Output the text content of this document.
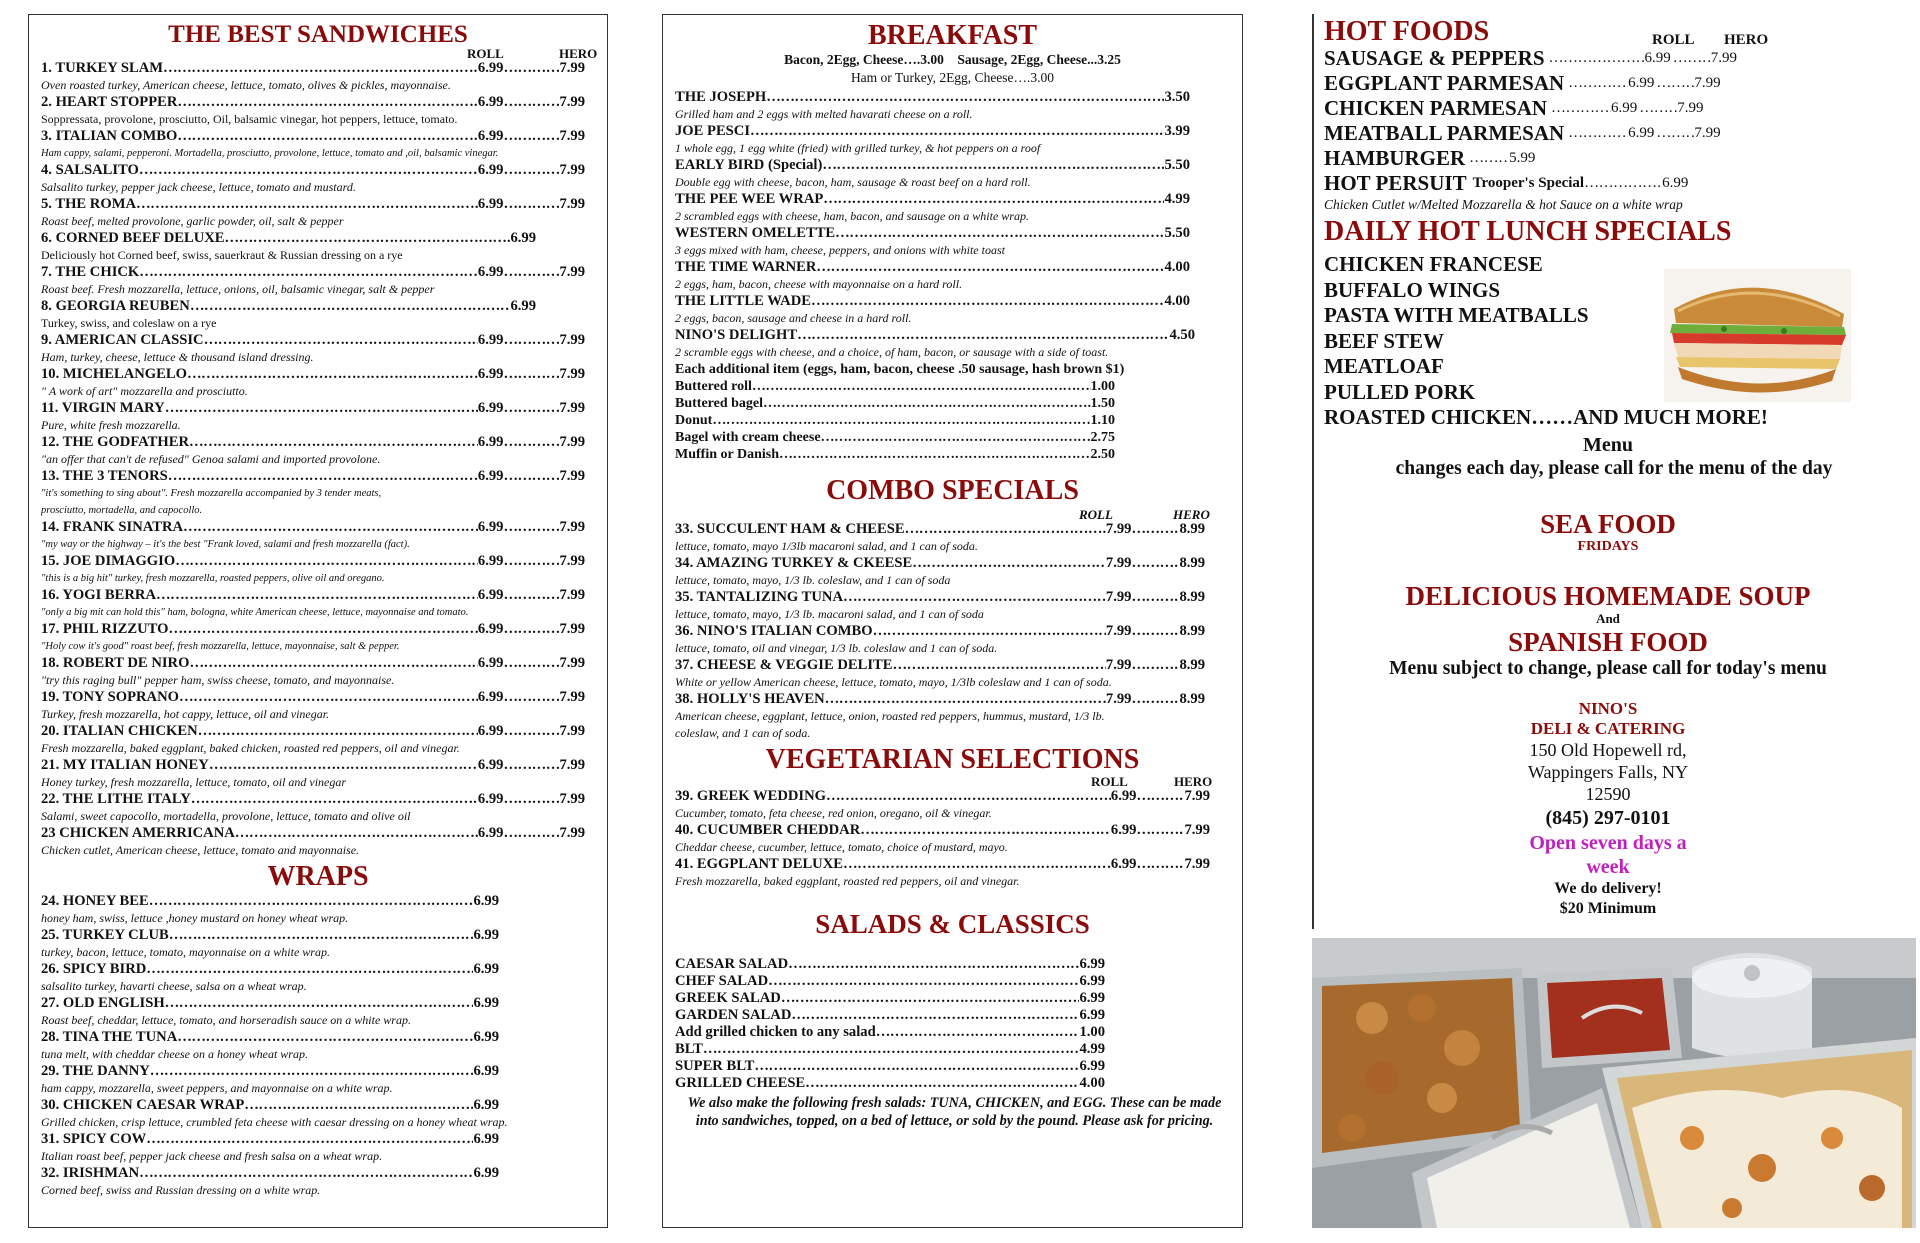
THE BEST SANDWICHES
ROLL	HERO
1. TURKEY SLAM …………………………………………………………………………………………………………………………………………………………………………………………………	6.99 …………………………………………	7.99
Oven roasted turkey, American cheese, lettuce, tomato, olives & pickles, mayonnaise.
2. HEART STOPPER …………………………………………………………………………………………………………………………………………………………………………………………………	6.99 …………………………………………	7.99
Soppressata, provolone, prosciutto, Oil, balsamic vinegar, hot peppers, lettuce, tomato.
3. ITALIAN COMBO …………………………………………………………………………………………………………………………………………………………………………………………………	6.99 …………………………………………	7.99
Ham cappy, salami, pepperoni. Mortadella, prosciutto, provolone, lettuce, tomato and ,oil, balsamic vinegar.
4. SALSALITO …………………………………………………………………………………………………………………………………………………………………………………………………	6.99 …………………………………………	7.99
Salsalito turkey, pepper jack cheese, lettuce, tomato and mustard.
5. THE ROMA …………………………………………………………………………………………………………………………………………………………………………………………………	6.99 …………………………………………	7.99
Roast beef, melted provolone, garlic powder, oil, salt & pepper
6. CORNED BEEF DELUXE …………………………………………………………………………………………………………………………………………………………………………………………………	6.99
Deliciously hot Corned beef, swiss, sauerkraut & Russian dressing on a rye
7. THE CHICK …………………………………………………………………………………………………………………………………………………………………………………………………	6.99 …………………………………………	7.99
Roast beef. Fresh mozzarella, lettuce, onions, oil, balsamic vinegar, salt & pepper
8. GEORGIA REUBEN …………………………………………………………………………………………………………………………………………………………………………………………………	6.99
Turkey, swiss, and coleslaw on a rye
9. AMERICAN CLASSIC …………………………………………………………………………………………………………………………………………………………………………………………………	6.99 …………………………………………	7.99
Ham, turkey, cheese, lettuce & thousand island dressing.
10. MICHELANGELO …………………………………………………………………………………………………………………………………………………………………………………………………	6.99 …………………………………………	7.99
" A work of art" mozzarella and prosciutto.
11. VIRGIN MARY …………………………………………………………………………………………………………………………………………………………………………………………………	6.99 …………………………………………	7.99
Pure, white fresh mozzarella.
12. THE GODFATHER …………………………………………………………………………………………………………………………………………………………………………………………………	6.99 …………………………………………	7.99
"an offer that can't de refused" Genoa salami and imported provolone.
13. THE 3 TENORS …………………………………………………………………………………………………………………………………………………………………………………………………	6.99 …………………………………………	7.99
"it's something to sing about". Fresh mozzarella accompanied by 3 tender meats,
prosciutto, mortadella, and capocollo.
14. FRANK SINATRA …………………………………………………………………………………………………………………………………………………………………………………………………	6.99 …………………………………………	7.99
"my way or the highway – it's the best "Frank loved, salami and fresh mozzarella (fact).
15. JOE DIMAGGIO …………………………………………………………………………………………………………………………………………………………………………………………………	6.99 …………………………………………	7.99
"this is a big hit" turkey, fresh mozzarella, roasted peppers, olive oil and oregano.
16. YOGI BERRA …………………………………………………………………………………………………………………………………………………………………………………………………	6.99 …………………………………………	7.99
"only a big mit can hold this" ham, bologna, white American cheese, lettuce, mayonnaise and tomato.
17. PHIL RIZZUTO …………………………………………………………………………………………………………………………………………………………………………………………………	6.99 …………………………………………	7.99
"Holy cow it's good" roast beef, fresh mozzarella, lettuce, mayonnaise, salt & pepper.
18. ROBERT DE NIRO …………………………………………………………………………………………………………………………………………………………………………………………………	6.99 …………………………………………	7.99
"try this raging bull" pepper ham, swiss cheese, tomato, and mayonnaise.
19. TONY SOPRANO …………………………………………………………………………………………………………………………………………………………………………………………………	6.99 …………………………………………	7.99
Turkey, fresh mozzarella, hot cappy, lettuce, oil and vinegar.
20. ITALIAN CHICKEN …………………………………………………………………………………………………………………………………………………………………………………………………	6.99 …………………………………………	7.99
Fresh mozzarella, baked eggplant, baked chicken, roasted red peppers, oil and vinegar.
21. MY ITALIAN HONEY …………………………………………………………………………………………………………………………………………………………………………………………………	6.99 …………………………………………	7.99
Honey turkey, fresh mozzarella, lettuce, tomato, oil and vinegar
22. THE LITHE ITALY …………………………………………………………………………………………………………………………………………………………………………………………………	6.99 …………………………………………	7.99
Salami, sweet capocollo, mortadella, provolone, lettuce, tomato and olive oil
23 CHICKEN AMERRICANA …………………………………………………………………………………………………………………………………………………………………………………………………	6.99 …………………………………………	7.99
Chicken cutlet, American cheese, lettuce, tomato and mayonnaise.
WRAPS
24. HONEY BEE …………………………………………………………………………………………………………………………………………………………………………………………………	6.99
honey ham, swiss, lettuce ,honey mustard on honey wheat wrap.
25. TURKEY CLUB …………………………………………………………………………………………………………………………………………………………………………………………………	6.99
turkey, bacon, lettuce, tomato, mayonnaise on a white wrap.
26. SPICY BIRD …………………………………………………………………………………………………………………………………………………………………………………………………	6.99
salsalito turkey, havarti cheese, salsa on a wheat wrap.
27. OLD ENGLISH …………………………………………………………………………………………………………………………………………………………………………………………………	6.99
Roast beef, cheddar, lettuce, tomato, and horseradish sauce on a white wrap.
28. TINA THE TUNA …………………………………………………………………………………………………………………………………………………………………………………………………	6.99
tuna melt, with cheddar cheese on a honey wheat wrap.
29. THE DANNY …………………………………………………………………………………………………………………………………………………………………………………………………	6.99
ham cappy, mozzarella, sweet peppers, and mayonnaise on a white wrap.
30. CHICKEN CAESAR WRAP …………………………………………………………………………………………………………………………………………………………………………………………………	6.99
Grilled chicken, crisp lettuce, crumbled feta cheese with caesar dressing on a honey wheat wrap.
31. SPICY COW …………………………………………………………………………………………………………………………………………………………………………………………………	6.99
Italian roast beef, pepper jack cheese and fresh salsa on a wheat wrap.
32. IRISHMAN …………………………………………………………………………………………………………………………………………………………………………………………………	6.99
Corned beef, swiss and Russian dressing on a white wrap.
BREAKFAST
Bacon, 2Egg, Cheese….3.00 Sausage, 2Egg, Cheese...3.25
Ham or Turkey, 2Egg, Cheese….3.00
THE JOSEPH …………………………………………………………………………………………………………………………………………………………………………………………………	3.50
Grilled ham and 2 eggs with melted havarati cheese on a roll.
JOE PESCI …………………………………………………………………………………………………………………………………………………………………………………………………	3.99
1 whole egg, 1 egg white (fried) with grilled turkey, & hot peppers on a roof
EARLY BIRD (Special) …………………………………………………………………………………………………………………………………………………………………………………………………	5.50
Double egg with cheese, bacon, ham, sausage & roast beef on a hard roll.
THE PEE WEE WRAP …………………………………………………………………………………………………………………………………………………………………………………………………	4.99
2 scrambled eggs with cheese, ham, bacon, and sausage on a white wrap.
WESTERN OMELETTE …………………………………………………………………………………………………………………………………………………………………………………………………	5.50
3 eggs mixed with ham, cheese, peppers, and onions with white toast
THE TIME WARNER …………………………………………………………………………………………………………………………………………………………………………………………………	4.00
2 eggs, ham, bacon, cheese with mayonnaise on a hard roll.
THE LITTLE WADE …………………………………………………………………………………………………………………………………………………………………………………………………	4.00
2 eggs, bacon, sausage and cheese in a hard roll.
NINO'S DELIGHT …………………………………………………………………………………………………………………………………………………………………………………………………	4.50
2 scramble eggs with cheese, and a choice, of ham, bacon, or sausage with a side of toast.
Each additional item (eggs, ham, bacon, cheese .50 sausage, hash brown $1)
Buttered roll …………………………………………………………………………………………………………………………………………………………………………………………………	1.00
Buttered bagel …………………………………………………………………………………………………………………………………………………………………………………………………	1.50
Donut …………………………………………………………………………………………………………………………………………………………………………………………………	1.10
Bagel with cream cheese …………………………………………………………………………………………………………………………………………………………………………………………………	2.75
Muffin or Danish …………………………………………………………………………………………………………………………………………………………………………………………………	2.50
COMBO SPECIALS
ROLL	HERO
33. SUCCULENT HAM & CHEESE …………………………………………………………………………………………………………………………………………………………………………………………………	7.99 …………………………………………	8.99
lettuce, tomato, mayo 1/3lb macaroni salad, and 1 can of soda.
34. AMAZING TURKEY & CKEESE …………………………………………………………………………………………………………………………………………………………………………………………………	7.99 …………………………………………	8.99
lettuce, tomato, mayo, 1/3 lb. coleslaw, and 1 can of soda
35. TANTALIZING TUNA …………………………………………………………………………………………………………………………………………………………………………………………………	7.99 …………………………………………	8.99
lettuce, tomato, mayo, 1/3 lb. macaroni salad, and 1 can of soda
36. NINO'S ITALIAN COMBO …………………………………………………………………………………………………………………………………………………………………………………………………	7.99 …………………………………………	8.99
lettuce, tomato, oil and vinegar, 1/3 lb. coleslaw and 1 can of soda.
37. CHEESE & VEGGIE DELITE …………………………………………………………………………………………………………………………………………………………………………………………………	7.99 …………………………………………	8.99
White or yellow American cheese, lettuce, tomato, mayo, 1/3lb coleslaw and 1 can of soda.
38. HOLLY'S HEAVEN …………………………………………………………………………………………………………………………………………………………………………………………………	7.99 …………………………………………	8.99
American cheese, eggplant, lettuce, onion, roasted red peppers, hummus, mustard, 1/3 lb.
coleslaw, and 1 can of soda.
VEGETARIAN SELECTIONS
ROLL	HERO
39. GREEK WEDDING …………………………………………………………………………………………………………………………………………………………………………………………………	6.99 …………………………………………	7.99
Cucumber, tomato, feta cheese, red onion, oregano, oil & vinegar.
40. CUCUMBER CHEDDAR …………………………………………………………………………………………………………………………………………………………………………………………………	6.99 …………………………………………	7.99
Cheddar cheese, cucumber, lettuce, tomato, choice of mustard, mayo.
41. EGGPLANT DELUXE …………………………………………………………………………………………………………………………………………………………………………………………………	6.99 …………………………………………	7.99
Fresh mozzarella, baked eggplant, roasted red peppers, oil and vinegar.
SALADS & CLASSICS
CAESAR SALAD …………………………………………………………………………………………………………………………………………………………………………………………………	6.99
CHEF SALAD …………………………………………………………………………………………………………………………………………………………………………………………………	6.99
GREEK SALAD …………………………………………………………………………………………………………………………………………………………………………………………………	6.99
GARDEN SALAD …………………………………………………………………………………………………………………………………………………………………………………………………	6.99
Add grilled chicken to any salad …………………………………………………………………………………………………………………………………………………………………………………………………	1.00
BLT …………………………………………………………………………………………………………………………………………………………………………………………………	4.99
SUPER BLT …………………………………………………………………………………………………………………………………………………………………………………………………	6.99
GRILLED CHEESE …………………………………………………………………………………………………………………………………………………………………………………………………	4.00
We also make the following fresh salads: TUNA, CHICKEN, and EGG. These can be made into sandwiches, topped, on a bed of lettuce, or sold by the pound. Please ask for pricing.
HOT FOODS	ROLL HERO
SAUSAGE & PEPPERS …………………………………………………………	6.99 …………………………………………………………	7.99
EGGPLANT PARMESAN …………………………………………………………	6.99 …………………………………………………………	7.99
CHICKEN PARMESAN …………………………………………………………	6.99 …………………………………………………………	7.99
MEATBALL PARMESAN …………………………………………………………	6.99 …………………………………………………………	7.99
HAMBURGER …………………………………………………………	5.99
HOT PERSUIT Trooper's Special …………………………………………………………	6.99
Chicken Cutlet w/Melted Mozzarella & hot Sauce on a white wrap
DAILY HOT LUNCH SPECIALS
CHICKEN FRANCESE
BUFFALO WINGS
PASTA WITH MEATBALLS
BEEF STEW
MEATLOAF
PULLED PORK
ROASTED CHICKEN……AND MUCH MORE!
Menu
changes each day, please call for the menu of the day
SEA FOOD
FRIDAYS
DELICIOUS HOMEMADE SOUP
And
SPANISH FOOD
Menu subject to change, please call for today's menu
NINO'S
DELI & CATERING
150 Old Hopewell rd,
Wappingers Falls, NY
12590
(845) 297-0101
Open seven days a
week
We do delivery!
$20 Minimum
